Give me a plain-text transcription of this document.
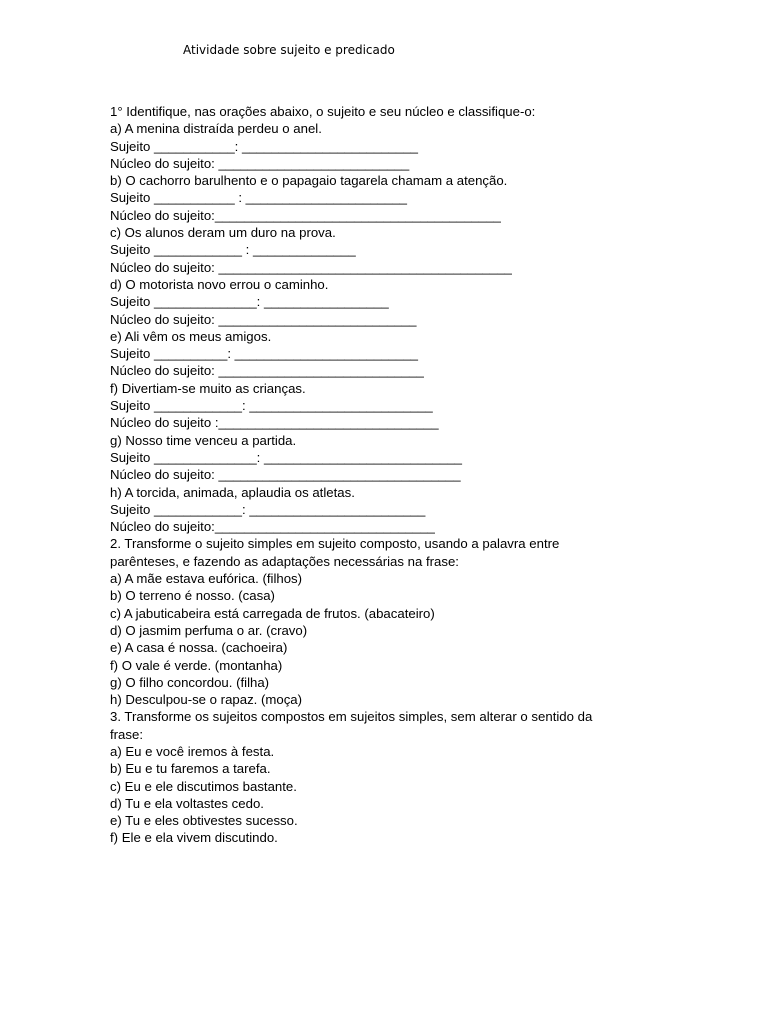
Atividade sobre sujeito e predicado
1° Identifique, nas orações abaixo, o sujeito e seu núcleo e classifique-o:
a) A menina distraída perdeu o anel.
Sujeito ___________: ________________________
Núcleo do sujeito: __________________________
b) O cachorro barulhento e o papagaio tagarela chamam a atenção.
Sujeito ___________ : ______________________
Núcleo do sujeito:_______________________________________
c) Os alunos deram um duro na prova.
Sujeito ____________ : ______________
Núcleo do sujeito: ________________________________________
d) O motorista novo errou o caminho.
Sujeito ______________: _________________
Núcleo do sujeito: ___________________________
e) Ali vêm os meus amigos.
Sujeito __________: _________________________
Núcleo do sujeito: ____________________________
f) Divertiam-se muito as crianças.
Sujeito ____________: _________________________
Núcleo do sujeito :______________________________
g) Nosso time venceu a partida.
Sujeito ______________: ___________________________
Núcleo do sujeito: _________________________________
h) A torcida, animada, aplaudia os atletas.
Sujeito ____________: ________________________
Núcleo do sujeito:______________________________
2. Transforme o sujeito simples em sujeito composto, usando a palavra entre
parênteses, e fazendo as adaptações necessárias na frase:
a) A mãe estava eufórica. (filhos)
b) O terreno é nosso. (casa)
c) A jabuticabeira está carregada de frutos. (abacateiro)
d) O jasmim perfuma o ar. (cravo)
e) A casa é nossa. (cachoeira)
f) O vale é verde. (montanha)
g) O filho concordou. (filha)
h) Desculpou-se o rapaz. (moça)
3. Transforme os sujeitos compostos em sujeitos simples, sem alterar o sentido da
frase:
a) Eu e você iremos à festa.
b) Eu e tu faremos a tarefa.
c) Eu e ele discutimos bastante.
d) Tu e ela voltastes cedo.
e) Tu e eles obtivestes sucesso.
f) Ele e ela vivem discutindo.
